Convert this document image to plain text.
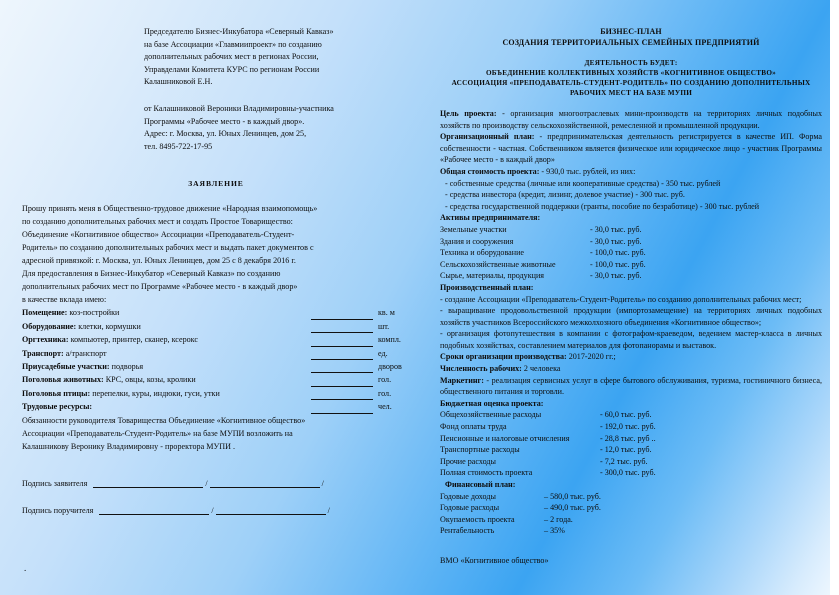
Председателю Бизнес-Инкубатора «Северный Кавказ»
на базе Ассоциации «Главмиипроект» по созданию
дополнительных рабочих мест в регионах России,
Управделами Комитета КУРС по регионам России
Калашниковой Е.Н.
от Калашниковой Вероники Владимировны-участника
Программы «Рабочее место - в каждый двор».
Адрес: г. Москва, ул. Юных Ленинцев, дом 25,
тел. 8495-722-17-95
ЗАЯВЛЕНИЕ
Прошу принять меня в Общественно-трудовое движение «Народная взаимопомощь»
по созданию дополнительных рабочих мест и создать Простое Товарищество:
Объединение «Когнитивное общество» Ассоциации «Преподаватель-Студент-
Родитель» по созданию дополнительных рабочих мест и выдать пакет документов с
адресной привязкой: г. Москва, ул. Юных Ленинцев, дом 25 с 8 декабря 2016 г.
Для предоставления в Бизнес-Инкубатор «Северный Кавказ» по созданию
дополнительных рабочих мест по Программе «Рабочее место - в каждый двор»
в качестве вклада имею:
Помещение: коз-постройки	кв. м
Оборудование: клетки, кормушки	шт.
Оргтехника: компьютер, принтер, сканер, ксерокс	компл.
Транспорт: а/транспорт	ед.
Приусадебные участки: подворья	дворов
Поголовья животных: КРС, овцы, козы, кролики	гол.
Поголовья птицы: перепелки, куры, индюки, гуси, утки	гол.
Трудовые ресурсы:	чел.
Обязанности руководителя Товарищества Объединение «Когнитивное общество»
Ассоциации «Преподаватель-Студент-Родитель» на базе МУПИ возложить на
Калашникову Веронику Владимировну - проректора МУПИ .
Подпись заявителя	/	/
Подпись поручителя	/	/
.
БИЗНЕС-ПЛАН
СОЗДАНИЯ ТЕРРИТОРИАЛЬНЫХ СЕМЕЙНЫХ ПРЕДПРИЯТИЙ
ДЕЯТЕЛЬНОСТЬ БУДЕТ:
ОБЪЕДИНЕНИЕ КОЛЛЕКТИВНЫХ ХОЗЯЙСТВ «КОГНИТИВНОЕ ОБЩЕСТВО»
АССОЦИАЦИЯ «ПРЕПОДАВАТЕЛЬ-СТУДЕНТ-РОДИТЕЛЬ» ПО СОЗДАНИЮ ДОПОЛНИТЕЛЬНЫХ
РАБОЧИХ МЕСТ НА БАЗЕ МУПИ
Цель проекта: - организация многоотраслевых мини-производств на территориях личных подобных хозяйств по производству сельскохозяйственной, ремесленной и промышленной продукции.
Организационный план: - предпринимательская деятельность регистрируется в качестве ИП. Форма собственности - частная. Собственником является физическое или юридическое лицо - участник Программы «Рабочее место - в каждый двор»
Общая стоимость проекта: - 930,0 тыс. рублей, из них:
- собственные средства (личные или кооперативные средства) - 350 тыс. рублей
- средства инвестора (кредит, лизинг, долевое участие) - 300 тыс. руб.
- средства государственной поддержки (гранты, пособие по безработице) - 300 тыс. рублей
Активы предпринимателя:
Земельные участки	- 30,0 тыс. руб.
Здания и сооружения	- 30,0 тыс. руб.
Техника и оборудование	- 100,0 тыс. руб.
Сельскохозяйственные животные	- 100,0 тыс. руб.
Сырье, материалы, продукция	- 30,0 тыс. руб.
Производственный план:
- создание Ассоциации «Преподаватель-Студент-Родитель» по созданию дополнительных рабочих мест;
- выращивание продовольственной продукции (импортозамещение) на территориях личных подобных хозяйств участников Всероссийского межколхозного объединения «Когнитивное общество»;
- организация фотопутешествия в компании с фотографом-краеведом, ведением мастер-класса в личных подобных хозяйствах, составлением материалов для фотопанорамы и выставок.
Сроки организации производства: 2017-2020 гг.;
Численность рабочих: 2 человека
Маркетинг: - реализация сервисных услуг в сфере бытового обслуживания, туризма, гостиничного бизнеса, общественного питания и торговли.
Бюджетная оценка проекта:
Общехозяйственные расходы	- 60,0 тыс. руб.
Фонд оплаты труда	- 192,0 тыс. руб.
Пенсионные и налоговые отчисления	- 28,8 тыс. руб ..
Транспортные расходы	- 12,0 тыс. руб.
Прочие расходы	- 7,2 тыс. руб.
Полная стоимость проекта	- 300,0 тыс. руб.
Финансовый план:
Годовые доходы	– 580,0 тыс. руб.
Годовые расходы	– 490,0 тыс. руб.
Окупаемость проекта	– 2 года.
Рентабельность	– 35%
ВМО «Когнитивное общество»
